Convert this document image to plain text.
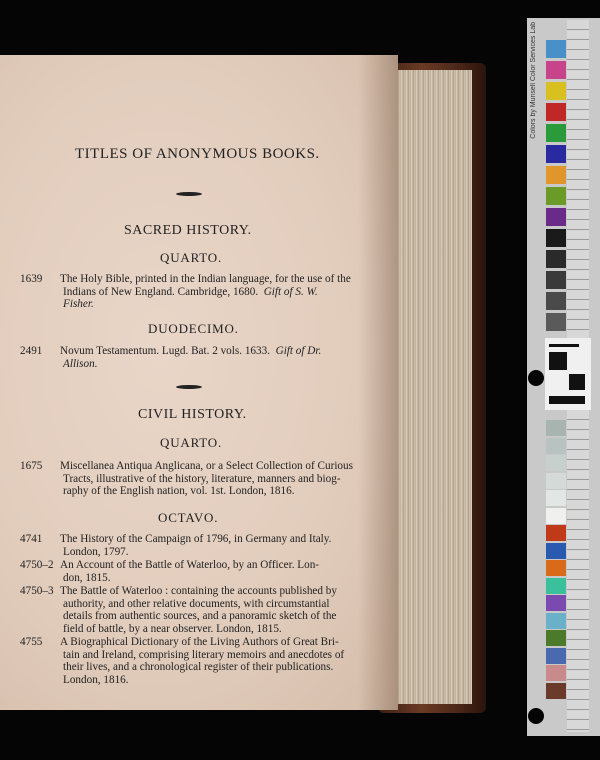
TITLES OF ANONYMOUS BOOKS.
SACRED HISTORY.
QUARTO.
1639 The Holy Bible, printed in the Indian language, for the use of the
Indians of New England. Cambridge, 1680. Gift of S. W.
Fisher.
DUODECIMO.
2491 Novum Testamentum. Lugd. Bat. 2 vols. 1633. Gift of Dr.
Allison.
CIVIL HISTORY.
QUARTO.
1675 Miscellanea Antiqua Anglicana, or a Select Collection of Curious
Tracts, illustrative of the history, literature, manners and biog-
raphy of the English nation, vol. 1st. London, 1816.
OCTAVO.
4741 The History of the Campaign of 1796, in Germany and Italy.
London, 1797.
4750–2 An Account of the Battle of Waterloo, by an Officer. Lon-
don, 1815.
4750–3 The Battle of Waterloo : containing the accounts published by
authority, and other relative documents, with circumstantial
details from authentic sources, and a panoramic sketch of the
field of battle, by a near observer. London, 1815.
4755 A Biographical Dictionary of the Living Authors of Great Bri-
tain and Ireland, comprising literary memoirs and anecdotes of
their lives, and a chronological register of their publications.
London, 1816.
Colors by Munsell Color Services Lab
